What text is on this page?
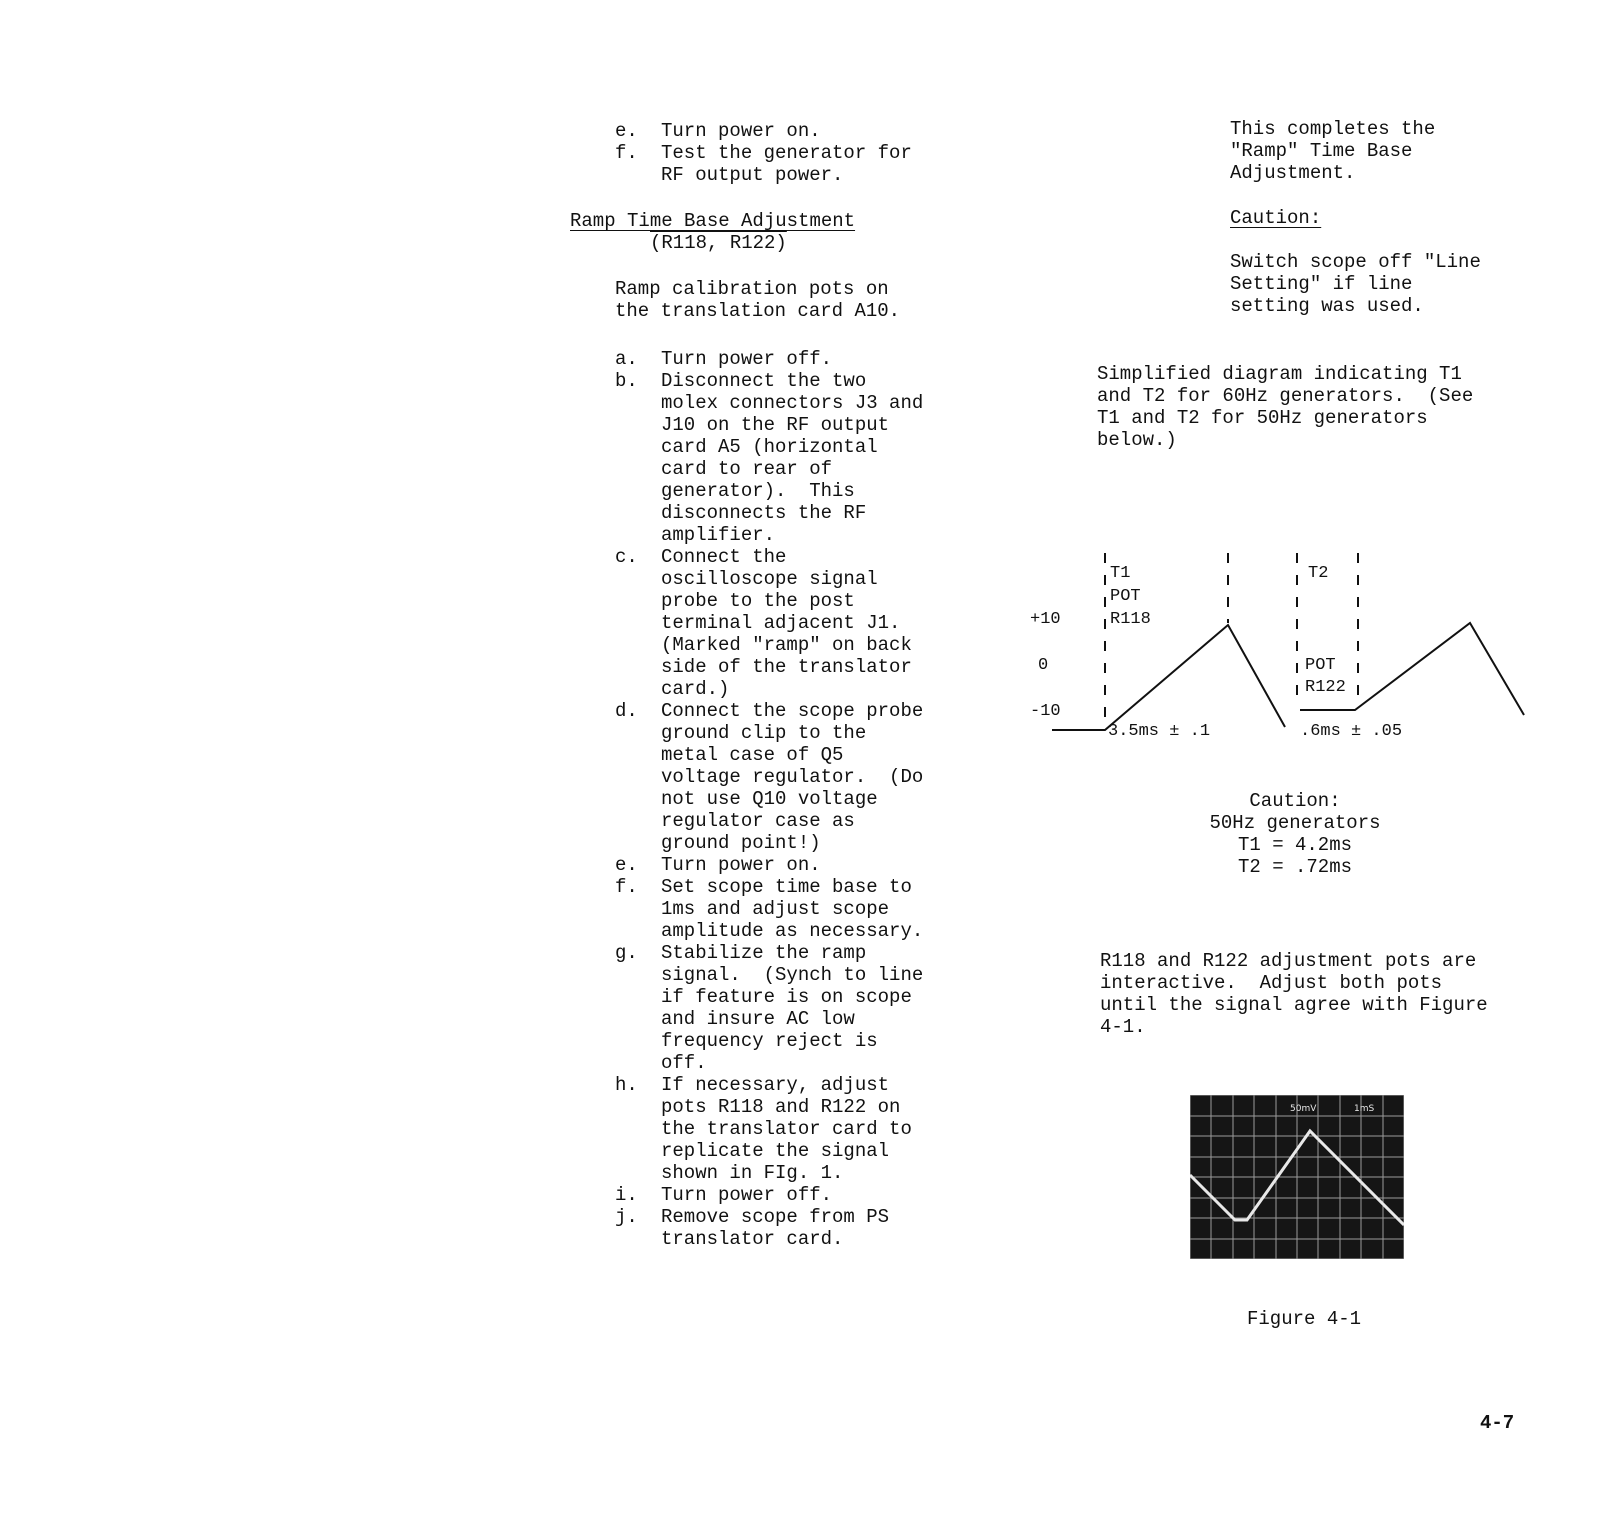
e. Turn power on.
f. Test the generator for
RF output power.
Ramp Time Base Adjustment
(R118, R122)
Ramp calibration pots on
the translation card A10.
a. Turn power off.
b. Disconnect the two
molex connectors J3 and
J10 on the RF output
card A5 (horizontal
card to rear of
generator).  This
disconnects the RF
amplifier.
c. Connect the
oscilloscope signal
probe to the post
terminal adjacent J1.
(Marked "ramp" on back
side of the translator
card.)
d. Connect the scope probe
ground clip to the
metal case of Q5
voltage regulator.  (Do
not use Q10 voltage
regulator case as
ground point!)
e. Turn power on.
f. Set scope time base to
1ms and adjust scope
amplitude as necessary.
g. Stabilize the ramp
signal.  (Synch to line
if feature is on scope
and insure AC low
frequency reject is
off.
h. If necessary, adjust
pots R118 and R122 on
the translator card to
replicate the signal
shown in FIg. 1.
i. Turn power off.
j. Remove scope from PS
translator card.
This completes the
"Ramp" Time Base
Adjustment.
Caution:
Switch scope off "Line
Setting" if line
setting was used.
Simplified diagram indicating T1
and T2 for 60Hz generators.  (See
T1 and T2 for 50Hz generators
below.)
+10
0
-10
T1
POT
R118
T2
POT
R122
3.5ms ± .1	.6ms ± .05
Caution:
50Hz generators
T1 = 4.2ms
T2 = .72ms
R118 and R122 adjustment pots are
interactive.  Adjust both pots
until the signal agree with Figure
4-1.
50mV	1mS
Figure 4-1
4-7
